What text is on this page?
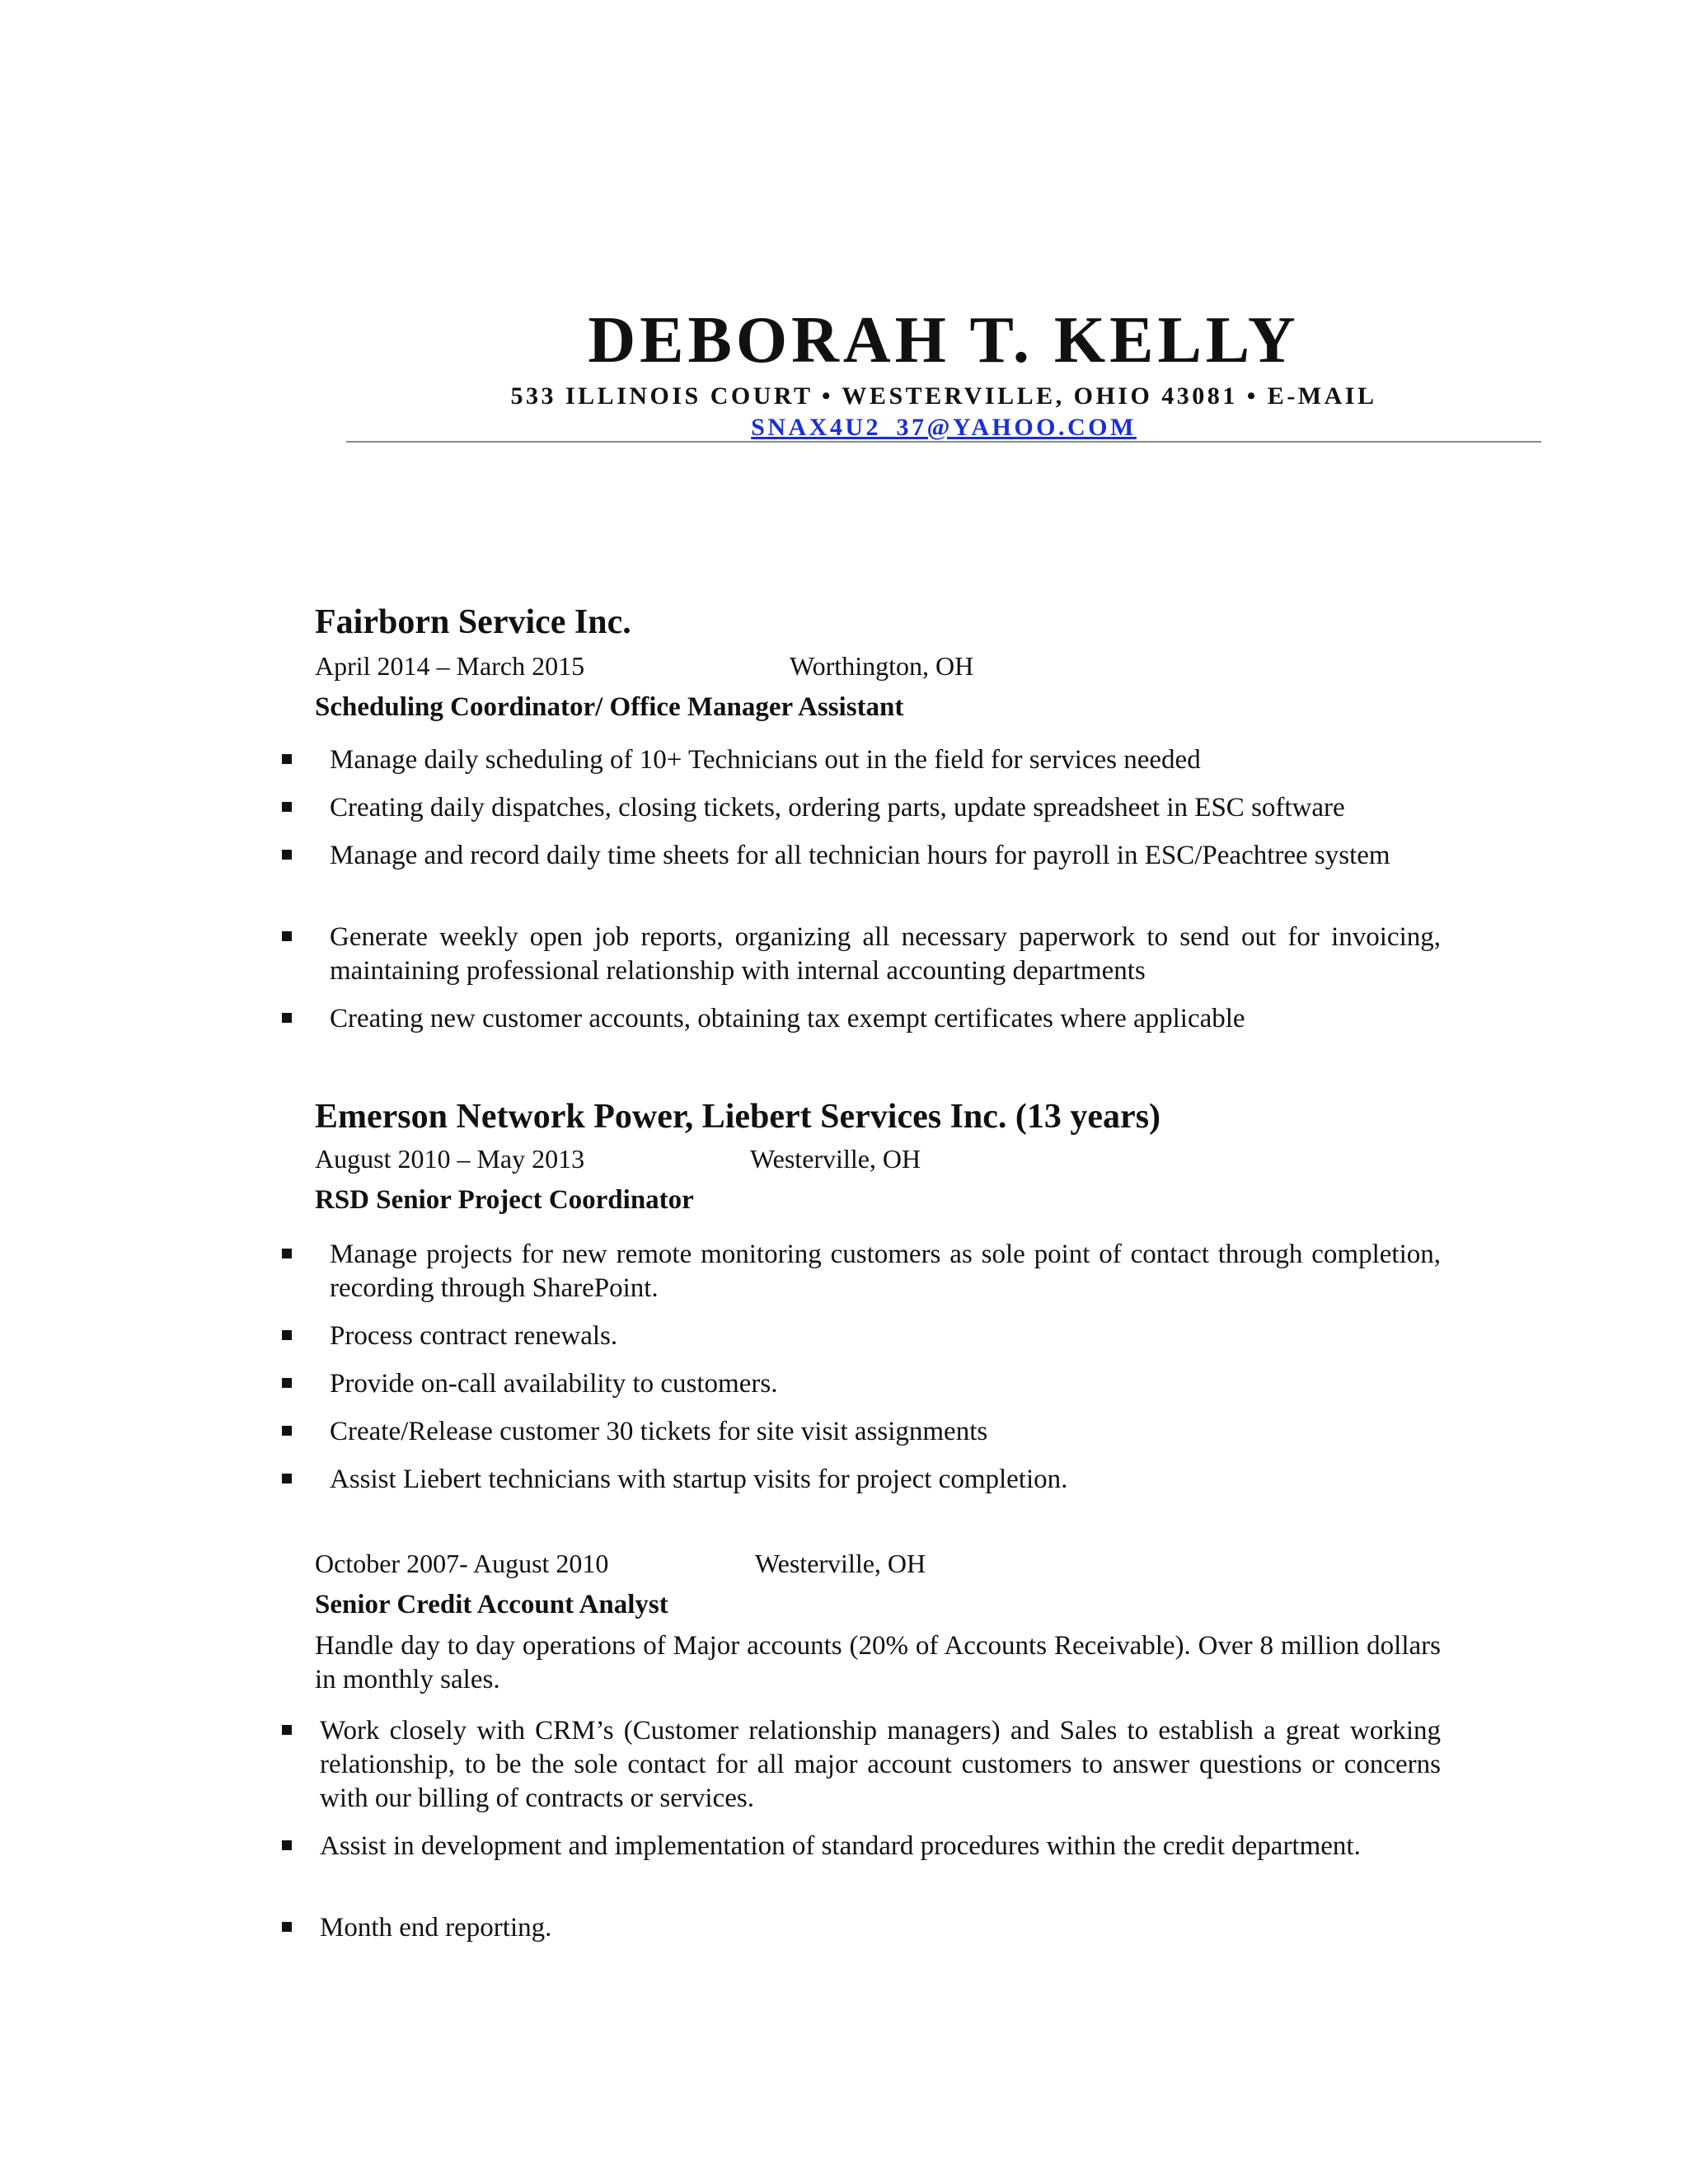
DEBORAH T. KELLY
533 ILLINOIS COURT • WESTERVILLE, OHIO 43081 • E-MAIL
SNAX4U2_37@YAHOO.COM
Fairborn Service Inc.
April 2014 – March 2015	Worthington, OH
Scheduling Coordinator/ Office Manager Assistant
Manage daily scheduling of 10+ Technicians out in the field for services needed
Creating daily dispatches, closing tickets, ordering parts, update spreadsheet in ESC software
Manage and record daily time sheets for all technician hours for payroll in ESC/Peachtree system
Generate weekly open job reports, organizing all necessary paperwork to send out for invoicing, maintaining professional relationship with internal accounting departments
Creating new customer accounts, obtaining tax exempt certificates where applicable
Emerson Network Power, Liebert Services Inc. (13 years)
August 2010 – May 2013	Westerville, OH
RSD Senior Project Coordinator
Manage projects for new remote monitoring customers as sole point of contact through completion, recording through SharePoint.
Process contract renewals.
Provide on-call availability to customers.
Create/Release customer 30 tickets for site visit assignments
Assist Liebert technicians with startup visits for project completion.
October 2007- August 2010	Westerville, OH
Senior Credit Account Analyst
Handle day to day operations of Major accounts (20% of Accounts Receivable). Over 8 million dollars in monthly sales.
Work closely with CRM’s (Customer relationship managers) and Sales to establish a great working relationship, to be the sole contact for all major account customers to answer questions or concerns with our billing of contracts or services.
Assist in development and implementation of standard procedures within the credit department.
Month end reporting.
